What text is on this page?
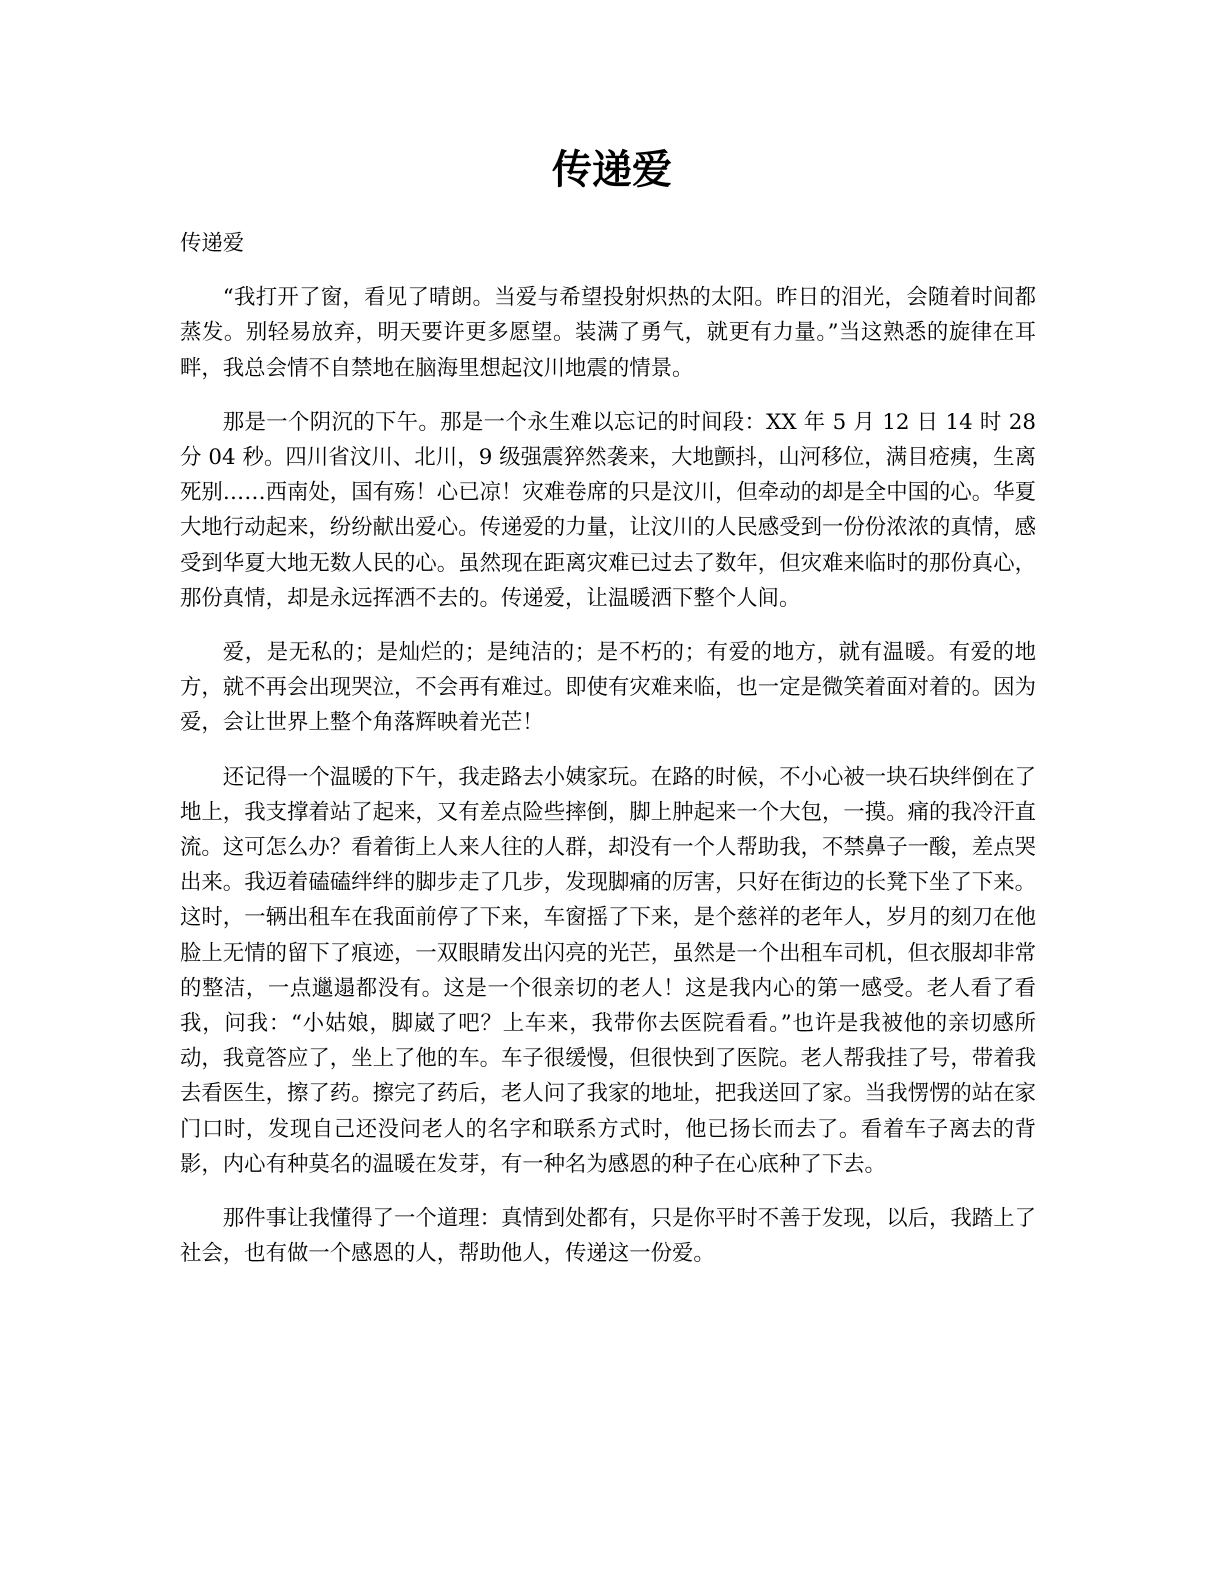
传递爱

传递爱

“我打开了窗，看见了晴朗。当爱与希望投射炽热的太阳。昨日的泪光，会随着时间都蒸发。别轻易放弃，明天要许更多愿望。装满了勇气，就更有力量。”当这熟悉的旋律在耳畔，我总会情不自禁地在脑海里想起汶川地震的情景。

那是一个阴沉的下午。那是一个永生难以忘记的时间段：XX 年 5 月 12 日 14 时 28 分 04 秒。四川省汶川、北川，9 级强震猝然袭来，大地颤抖，山河移位，满目疮痍，生离死别……西南处，国有殇！心已凉！灾难卷席的只是汶川，但牵动的却是全中国的心。华夏大地行动起来，纷纷献出爱心。传递爱的力量，让汶川的人民感受到一份份浓浓的真情，感受到华夏大地无数人民的心。虽然现在距离灾难已过去了数年，但灾难来临时的那份真心，那份真情，却是永远挥洒不去的。传递爱，让温暖洒下整个人间。

爱，是无私的；是灿烂的；是纯洁的；是不朽的；有爱的地方，就有温暖。有爱的地方，就不再会出现哭泣，不会再有难过。即使有灾难来临，也一定是微笑着面对着的。因为爱，会让世界上整个角落辉映着光芒！

还记得一个温暖的下午，我走路去小姨家玩。在路的时候，不小心被一块石块绊倒在了地上，我支撑着站了起来，又有差点险些摔倒，脚上肿起来一个大包，一摸。痛的我冷汗直流。这可怎么办？看着街上人来人往的人群，却没有一个人帮助我，不禁鼻子一酸，差点哭出来。我迈着磕磕绊绊的脚步走了几步，发现脚痛的厉害，只好在街边的长凳下坐了下来。这时，一辆出租车在我面前停了下来，车窗摇了下来，是个慈祥的老年人，岁月的刻刀在他脸上无情的留下了痕迹，一双眼睛发出闪亮的光芒，虽然是一个出租车司机，但衣服却非常的整洁，一点邋遢都没有。这是一个很亲切的老人！这是我内心的第一感受。老人看了看我，问我：“小姑娘，脚崴了吧？上车来，我带你去医院看看。”也许是我被他的亲切感所动，我竟答应了，坐上了他的车。车子很缓慢，但很快到了医院。老人帮我挂了号，带着我去看医生，擦了药。擦完了药后，老人问了我家的地址，把我送回了家。当我愣愣的站在家门口时，发现自己还没问老人的名字和联系方式时，他已扬长而去了。看着车子离去的背影，内心有种莫名的温暖在发芽，有一种名为感恩的种子在心底种了下去。

那件事让我懂得了一个道理：真情到处都有，只是你平时不善于发现，以后，我踏上了社会，也有做一个感恩的人，帮助他人，传递这一份爱。
